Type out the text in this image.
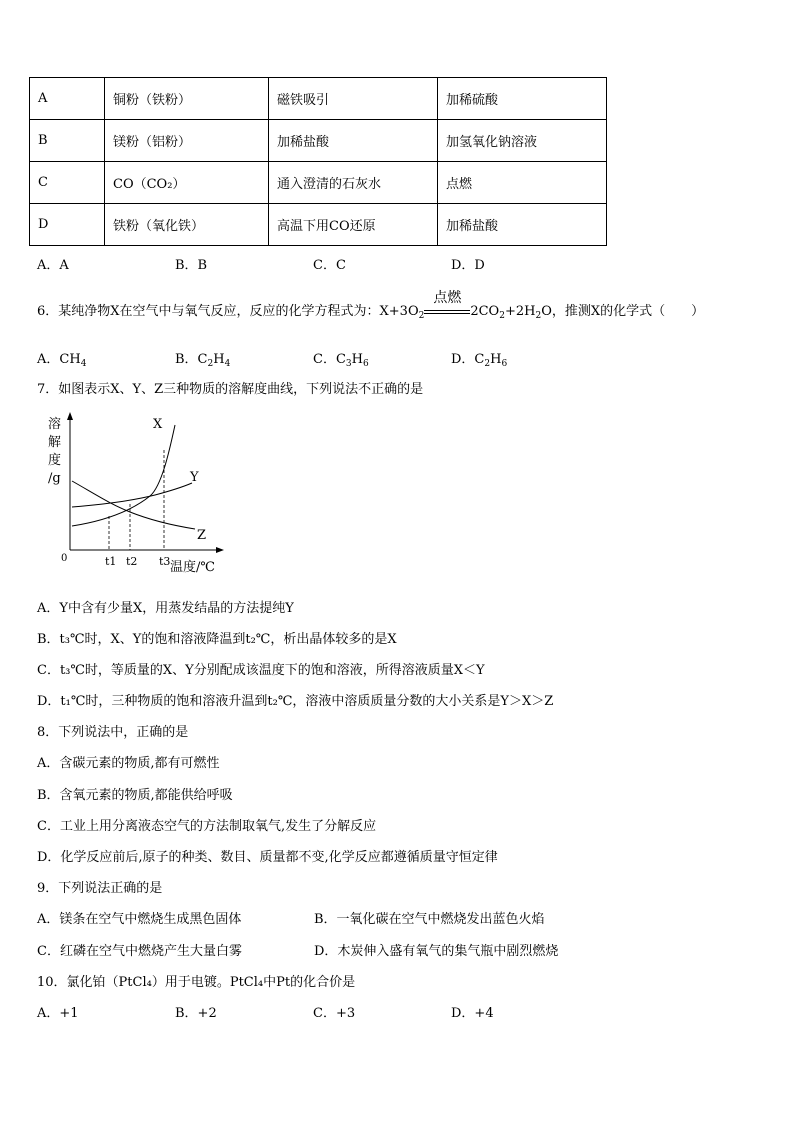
A	铜粉（铁粉）	磁铁吸引	加稀硫酸
B	镁粉（铝粉）	加稀盐酸	加氢氧化钠溶液
C	CO（CO₂）	通入澄清的石灰水	点燃
D	铁粉（氧化铁）	高温下用CO还原	加稀盐酸
A．A	B．B	C．C	D．D
6．某纯净物X在空气中与氧气反应，反应的化学方程式为：$X+3O_2$
点燃
$2CO_2+2H_2O$，推测X的化学式（　　）
A．$CH_4$	B．$C_2H_4$	C．$C_3H_6$	D．$C_2H_6$
7．如图表示X、Y、Z三种物质的溶解度曲线，下列说法不正确的是
溶
解
度
/g
0
X
Y
Z
t1 t2 t3 温度/℃
A．Y中含有少量X，用蒸发结晶的方法提纯Y
B．t₃℃时，X、Y的饱和溶液降温到t₂℃，析出晶体较多的是X
C．t₃℃时，等质量的X、Y分别配成该温度下的饱和溶液，所得溶液质量X＜Y
D．t₁℃时，三种物质的饱和溶液升温到t₂℃，溶液中溶质质量分数的大小关系是Y＞X＞Z
8．下列说法中，正确的是
A．含碳元素的物质,都有可燃性
B．含氧元素的物质,都能供给呼吸
C．工业上用分离液态空气的方法制取氧气,发生了分解反应
D．化学反应前后,原子的种类、数目、质量都不变,化学反应都遵循质量守恒定律
9．下列说法正确的是
A．镁条在空气中燃烧生成黑色固体	B．一氧化碳在空气中燃烧发出蓝色火焰
C．红磷在空气中燃烧产生大量白雾	D．木炭伸入盛有氧气的集气瓶中剧烈燃烧
10．氯化铂（PtCl₄）用于电镀。PtCl₄中Pt的化合价是
A．+1	B．+2	C．+3	D．+4
